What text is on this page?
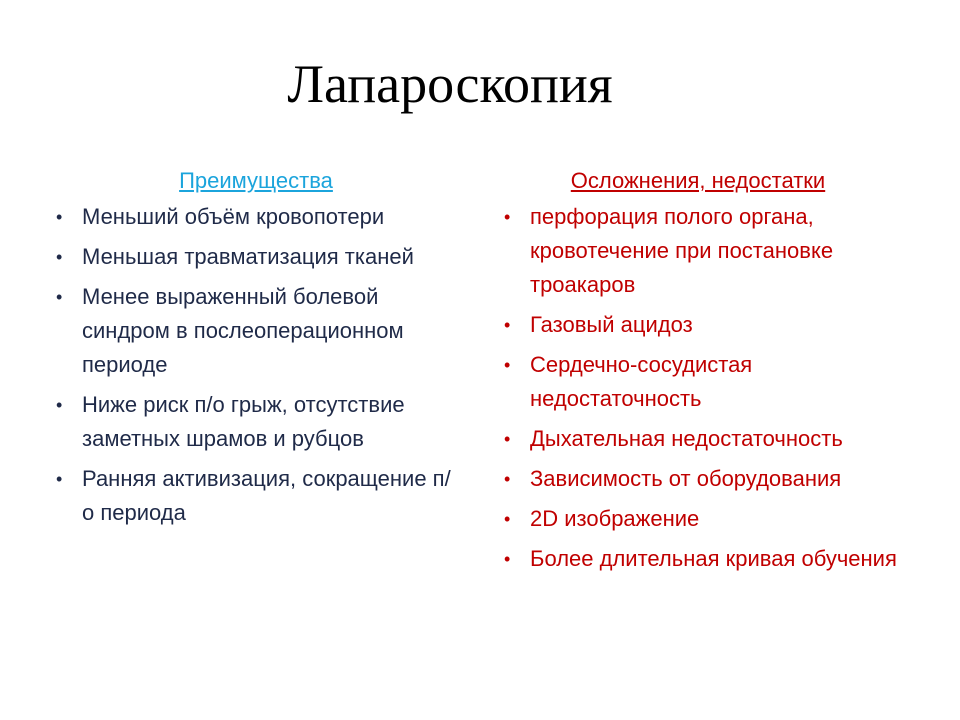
Лапароскопия
Преимущества
• Меньший объём кровопотери
• Меньшая травматизация тканей
• Менее выраженный болевой синдром в послеоперационном периоде
• Ниже риск п/о грыж, отсутствие заметных шрамов и рубцов
• Ранняя активизация, сокращение п/о периода
Осложнения, недостатки
• перфорация полого органа, кровотечение при постановке троакаров
• Газовый ацидоз
• Сердечно-сосудистая недостаточность
• Дыхательная недостаточность
• Зависимость от оборудования
• 2D изображение
• Более длительная кривая обучения
